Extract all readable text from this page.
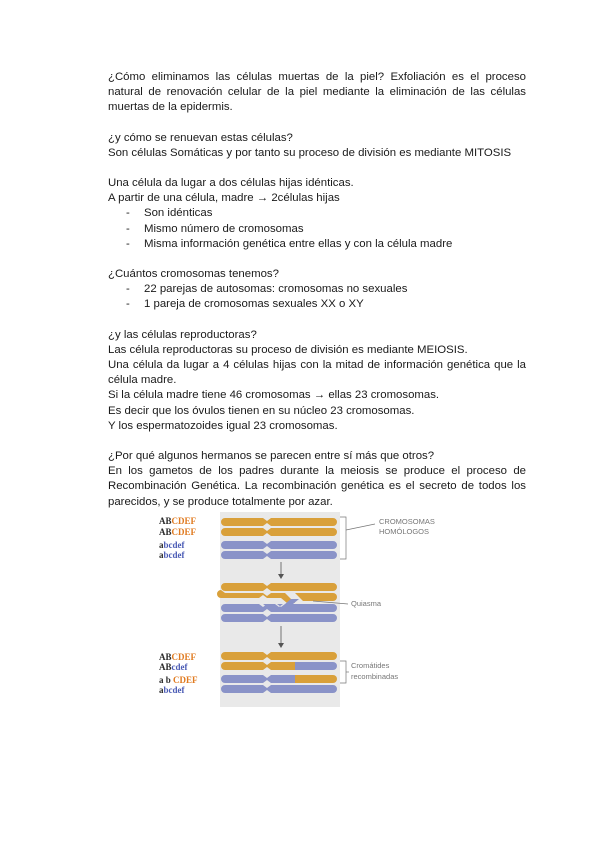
¿Cómo eliminamos las células muertas de la piel? Exfoliación es el proceso natural de renovación celular de la piel mediante la eliminación de las células muertas de la epidermis.

¿y cómo se renuevan estas células?

Son células Somáticas y por tanto su proceso de división es mediante MITOSIS

Una célula da lugar a dos células hijas idénticas.

A partir de una célula, madre → 2células hijas

- Son idénticas
- Mismo número de cromosomas
- Misma información genética entre ellas y con la célula madre

¿Cuántos cromosomas tenemos?

- 22 parejas de autosomas: cromosomas no sexuales
- 1 pareja de cromosomas sexuales XX o XY

¿y las células reproductoras?

Las célula reproductoras su proceso de división es mediante MEIOSIS.

Una célula da lugar a 4 células hijas con la mitad de información genética que la célula madre.

Si la célula madre tiene 46 cromosomas → ellas 23 cromosomas.

Es decir que los óvulos tienen en su núcleo 23 cromosomas.

Y los espermatozoides igual 23 cromosomas.

¿Por qué algunos hermanos se parecen entre sí más que otros?

En los gametos de los padres durante la meiosis se produce el proceso de Recombinación Genética. La recombinación genética es el secreto de todos los parecidos, y se produce totalmente por azar.

CROMOSOMAS
HOMÓLOGOS
Quiasma
Cromátides
recombinadas
ABCDEF
ABCDEF
abcdef
abcdef
ABCDEF
ABcdef
a b CDEF
abcdef
